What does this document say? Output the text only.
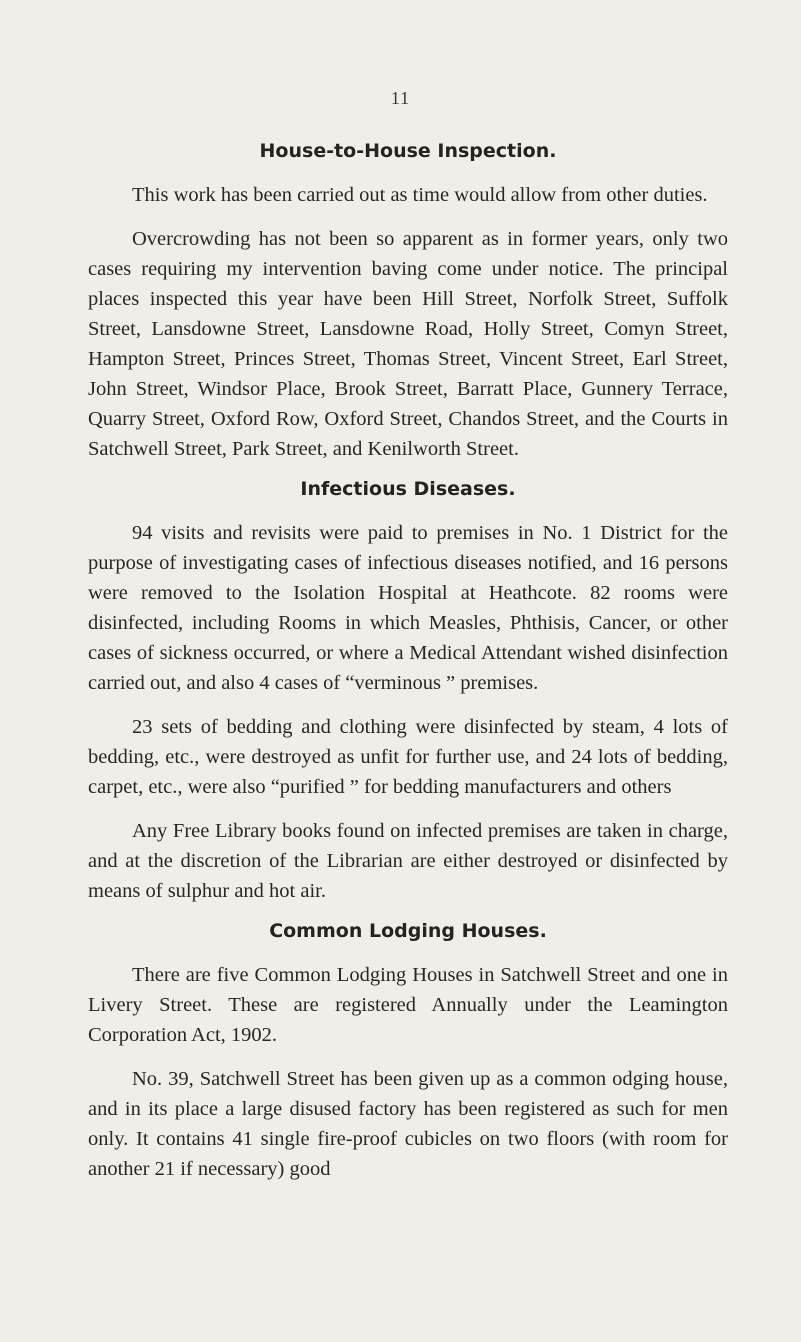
11
House-to-House Inspection.

This work has been carried out as time would allow from other duties.

Overcrowding has not been so apparent as in former years, only two cases requiring my intervention baving come under notice. The principal places inspected this year have been Hill Street, Norfolk Street, Suffolk Street, Lansdowne Street, Lansdowne Road, Holly Street, Comyn Street, Hampton Street, Princes Street, Thomas Street, Vincent Street, Earl Street, John Street, Windsor Place, Brook Street, Barratt Place, Gunnery Terrace, Quarry Street, Oxford Row, Oxford Street, Chandos Street, and the Courts in Satchwell Street, Park Street, and Kenilworth Street.

Infectious Diseases.

94 visits and revisits were paid to premises in No. 1 District for the purpose of investigating cases of infectious diseases notified, and 16 persons were removed to the Isolation Hospital at Heathcote. 82 rooms were disinfected, including Rooms in which Measles, Phthisis, Cancer, or other cases of sickness occurred, or where a Medical Attendant wished disinfection carried out, and also 4 cases of “verminous ” premises.

23 sets of bedding and clothing were disinfected by steam, 4 lots of bedding, etc., were destroyed as unfit for further use, and 24 lots of bedding, carpet, etc., were also “purified ” for bedding manufacturers and others

Any Free Library books found on infected premises are taken in charge, and at the discretion of the Librarian are either destroyed or disinfected by means of sulphur and hot air.

Common Lodging Houses.

There are five Common Lodging Houses in Satchwell Street and one in Livery Street. These are registered Annually under the Leamington Corporation Act, 1902.

No. 39, Satchwell Street has been given up as a common odging house, and in its place a large disused factory has been registered as such for men only. It contains 41 single fire-proof cubicles on two floors (with room for another 21 if necessary) good
